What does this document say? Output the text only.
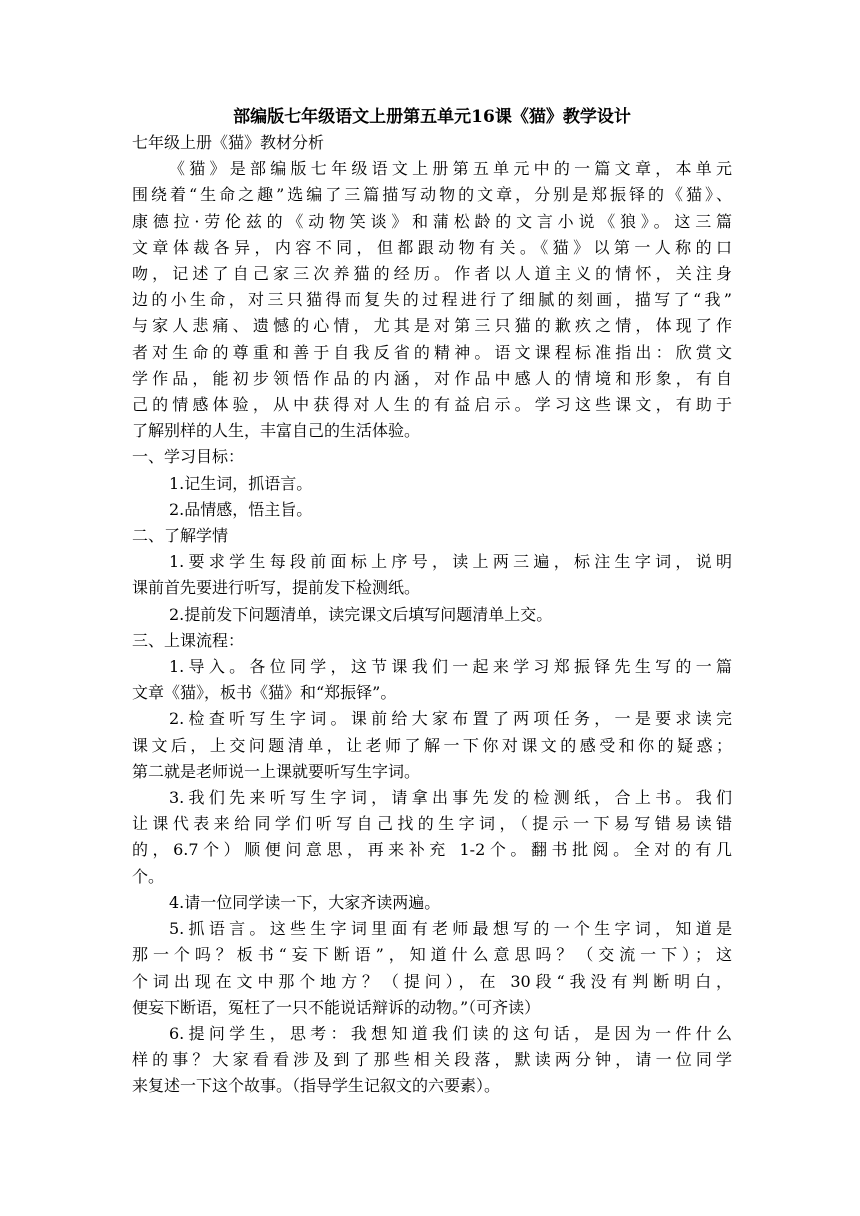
部编版七年级语文上册第五单元16课《猫》教学设计

七年级上册《猫》教材分析

《猫》是部编版七年级语文上册第五单元中的一篇文章，本单元

围绕着“生命之趣”选编了三篇描写动物的文章，分别是郑振铎的《猫》、

康德拉·劳伦兹的《动物笑谈》和蒲松龄的文言小说《狼》。这三篇

文章体裁各异，内容不同，但都跟动物有关。《猫》以第一人称的口

吻，记述了自己家三次养猫的经历。作者以人道主义的情怀，关注身

边的小生命，对三只猫得而复失的过程进行了细腻的刻画，描写了“我”

与家人悲痛、遗憾的心情，尤其是对第三只猫的歉疚之情，体现了作

者对生命的尊重和善于自我反省的精神。语文课程标准指出：欣赏文

学作品，能初步领悟作品的内涵，对作品中感人的情境和形象，有自

己的情感体验，从中获得对人生的有益启示。学习这些课文，有助于

了解别样的人生，丰富自己的生活体验。

一、学习目标：

1.记生词，抓语言。

2.品情感，悟主旨。

二、了解学情

1.要求学生每段前面标上序号，读上两三遍，标注生字词，说明

课前首先要进行听写，提前发下检测纸。

2.提前发下问题清单，读完课文后填写问题清单上交。

三、上课流程：

1.导入。各位同学，这节课我们一起来学习郑振铎先生写的一篇

文章《猫》，板书《猫》和“郑振铎”。

2.检查听写生字词。课前给大家布置了两项任务，一是要求读完

课文后，上交问题清单，让老师了解一下你对课文的感受和你的疑惑；

第二就是老师说一上课就要听写生字词。

3.我们先来听写生字词，请拿出事先发的检测纸，合上书。我们

让课代表来给同学们听写自己找的生字词，（提示一下易写错易读错

的，6.7个）顺便问意思，再来补充 1-2个。翻书批阅。全对的有几

个。

4.请一位同学读一下，大家齐读两遍。

5.抓语言。这些生字词里面有老师最想写的一个生字词，知道是

那一个吗？板书“妄下断语”，知道什么意思吗？（交流一下）；这

个词出现在文中那个地方？（提问），在 30段“我没有判断明白，

便妄下断语，冤枉了一只不能说话辩诉的动物。”（可齐读）

6.提问学生，思考：我想知道我们读的这句话，是因为一件什么

样的事？大家看看涉及到了那些相关段落，默读两分钟，请一位同学

来复述一下这个故事。（指导学生记叙文的六要素）。
